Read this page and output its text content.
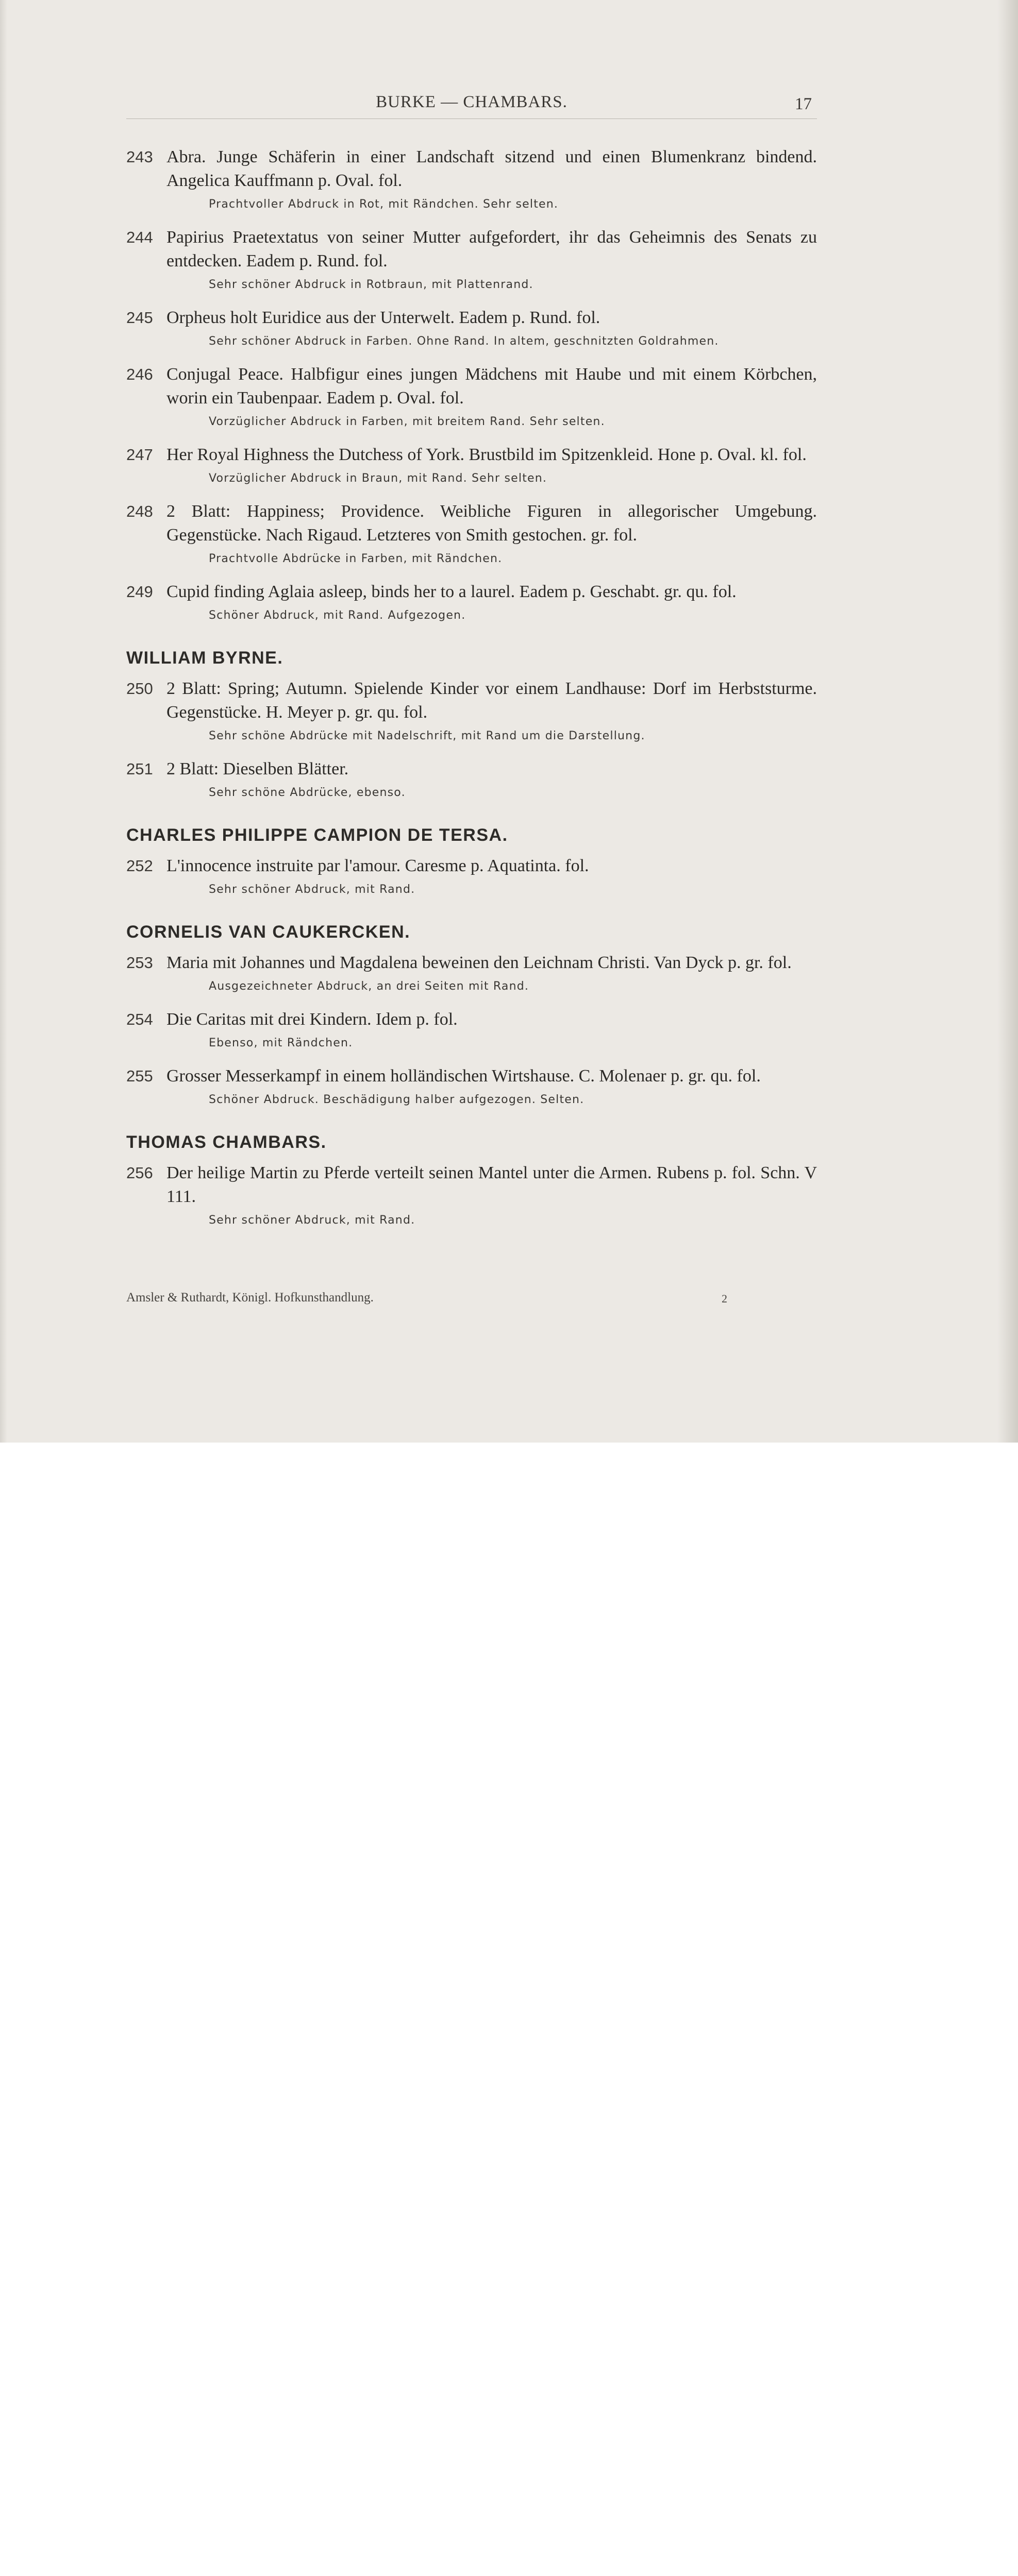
BURKE — CHAMBARS.	17
243 Abra. Junge Schäferin in einer Landschaft sitzend und einen Blumenkranz bindend. Angelica Kauffmann p. Oval. fol.
Prachtvoller Abdruck in Rot, mit Rändchen. Sehr selten.
244 Papirius Praetextatus von seiner Mutter aufgefordert, ihr das Geheimnis des Senats zu entdecken. Eadem p. Rund. fol.
Sehr schöner Abdruck in Rotbraun, mit Plattenrand.
245 Orpheus holt Euridice aus der Unterwelt. Eadem p. Rund. fol.
Sehr schöner Abdruck in Farben. Ohne Rand. In altem, geschnitzten Goldrahmen.
246 Conjugal Peace. Halbfigur eines jungen Mädchens mit Haube und mit einem Körbchen, worin ein Taubenpaar. Eadem p. Oval. fol.
Vorzüglicher Abdruck in Farben, mit breitem Rand. Sehr selten.
247 Her Royal Highness the Dutchess of York. Brustbild im Spitzenkleid. Hone p. Oval. kl. fol.
Vorzüglicher Abdruck in Braun, mit Rand. Sehr selten.
248 2 Blatt: Happiness; Providence. Weibliche Figuren in allegorischer Umgebung. Gegenstücke. Nach Rigaud. Letzteres von Smith gestochen. gr. fol.
Prachtvolle Abdrücke in Farben, mit Rändchen.
249 Cupid finding Aglaia asleep, binds her to a laurel. Eadem p. Geschabt. gr. qu. fol.
Schöner Abdruck, mit Rand. Aufgezogen.
WILLIAM BYRNE.
250 2 Blatt: Spring; Autumn. Spielende Kinder vor einem Landhause: Dorf im Herbststurme. Gegenstücke. H. Meyer p. gr. qu. fol.
Sehr schöne Abdrücke mit Nadelschrift, mit Rand um die Darstellung.
251 2 Blatt: Dieselben Blätter.
Sehr schöne Abdrücke, ebenso.
CHARLES PHILIPPE CAMPION DE TERSA.
252 L'innocence instruite par l'amour. Caresme p. Aquatinta. fol.
Sehr schöner Abdruck, mit Rand.
CORNELIS VAN CAUKERCKEN.
253 Maria mit Johannes und Magdalena beweinen den Leichnam Christi. Van Dyck p. gr. fol.
Ausgezeichneter Abdruck, an drei Seiten mit Rand.
254 Die Caritas mit drei Kindern. Idem p. fol.
Ebenso, mit Rändchen.
255 Grosser Messerkampf in einem holländischen Wirtshause. C. Molenaer p. gr. qu. fol.
Schöner Abdruck. Beschädigung halber aufgezogen. Selten.
THOMAS CHAMBARS.
256 Der heilige Martin zu Pferde verteilt seinen Mantel unter die Armen. Rubens p. fol. Schn. V 111.
Sehr schöner Abdruck, mit Rand.
Amsler & Ruthardt, Königl. Hofkunsthandlung.	2
